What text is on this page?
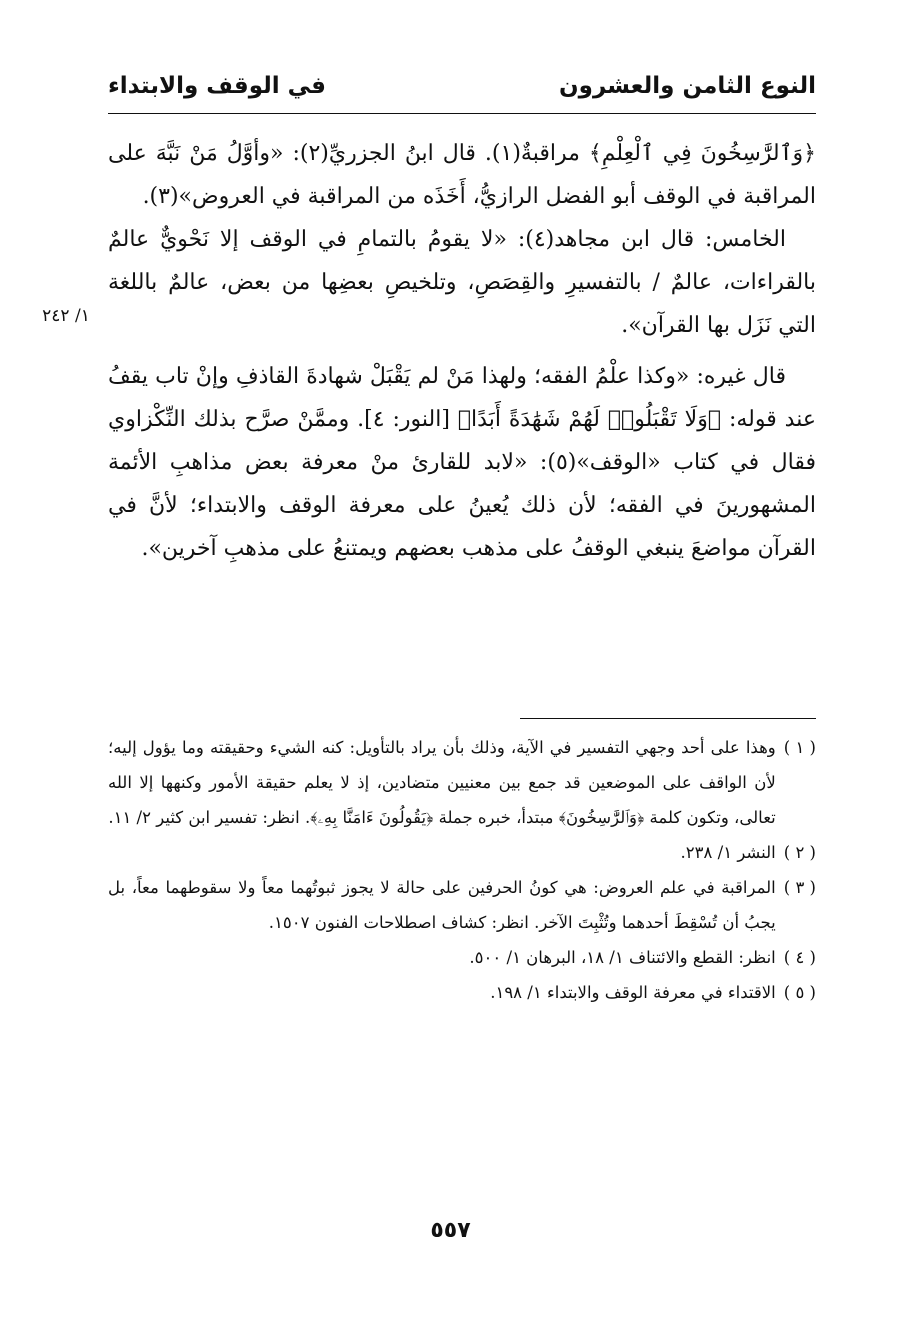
النوع الثامن والعشرون
في الوقف والابتداء

﴿وَٱلرَّٰسِخُونَ فِي ٱلْعِلْمِ﴾ مراقبةٌ(١). قال ابنُ الجزريِّ(٢): «وأوَّلُ مَنْ نَبَّهَ على المراقبة في الوقف أبو الفضل الرازيُّ، أَخَذَه من المراقبة في العروض»(٣).

الخامس: قال ابن مجاهد(٤): «لا يقومُ بالتمامِ في الوقف إلا نَحْويٌّ عالمٌ بالقراءات، عالمٌ / بالتفسيرِ والقِصَصِ، وتلخيصِ بعضِها من بعض، عالمٌ باللغة التي نَزَل بها القرآن».

قال غيره: «وكذا علْمُ الفقه؛ ولهذا مَنْ لم يَقْبَلْ شهادةَ القاذفِ وإنْ تاب يقفُ عند قوله: ﴿وَلَا تَقْبَلُوا۟ لَهُمْ شَهَٰدَةً أَبَدًا﴾ [النور: ٤]. وممَّنْ صرَّح بذلك النِّكْزاوي فقال في كتاب «الوقف»(٥): «لابد للقارئ منْ معرفة بعض مذاهبِ الأئمة المشهورينَ في الفقه؛ لأن ذلك يُعينُ على معرفة الوقف والابتداء؛ لأنَّ في القرآن مواضعَ ينبغي الوقفُ على مذهب بعضهم ويمتنعُ على مذهبِ آخرين».

١/ ٢٤٢
( ١ )
وهذا على أحد وجهي التفسير في الآية، وذلك بأن يراد بالتأويل: كنه الشيء وحقيقته وما يؤول إليه؛ لأن الواقف على الموضعين قد جمع بين معنيين متضادين، إذ لا يعلم حقيقة الأمور وكنهها إلا الله تعالى، وتكون كلمة ﴿وَٱلرَّٰسِخُونَ﴾ مبتدأ، خبره جملة ﴿يَقُولُونَ ءَامَنَّا بِهِۦ﴾. انظر: تفسير ابن كثير ٢/ ١١.
( ٢ )
النشر ١/ ٢٣٨.
( ٣ )
المراقبة في علم العروض: هي كونُ الحرفين على حالة لا يجوز ثبوتُهما معاً ولا سقوطهما معاً، بل يجبُ أن تُسْقِطَ أحدهما وتُثْبِتَ الآخر. انظر: كشاف اصطلاحات الفنون ١٥٠٧.
( ٤ )
انظر: القطع والائتناف ١/ ١٨، البرهان ١/ ٥٠٠.
( ٥ )
الاقتداء في معرفة الوقف والابتداء ١/ ١٩٨.
٥٥٧
